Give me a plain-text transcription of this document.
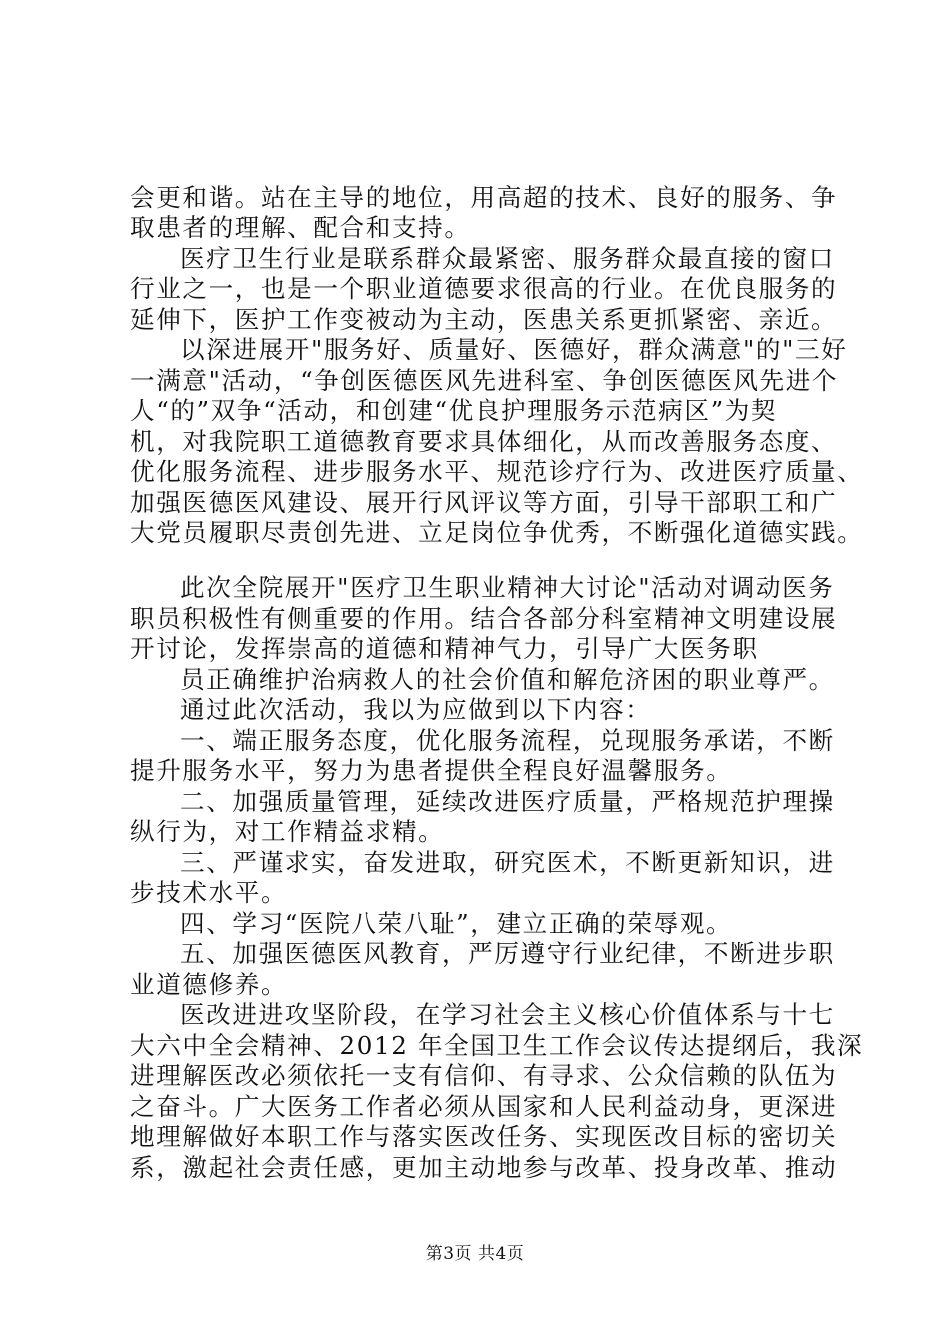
会更和谐。站在主导的地位，用高超的技术、良好的服务、争
取患者的理解、配合和支持。
医疗卫生行业是联系群众最紧密、服务群众最直接的窗口
行业之一，也是一个职业道德要求很高的行业。在优良服务的
延伸下，医护工作变被动为主动，医患关系更抓紧密、亲近。
以深进展开"服务好、质量好、医德好，群众满意"的"三好
一满意"活动，“争创医德医风先进科室、争创医德医风先进个
人“的”双争“活动，和创建“优良护理服务示范病区”为契
机，对我院职工道德教育要求具体细化，从而改善服务态度、
优化服务流程、进步服务水平、规范诊疗行为、改进医疗质量、
加强医德医风建设、展开行风评议等方面，引导干部职工和广
大党员履职尽责创先进、立足岗位争优秀，不断强化道德实践。
此次全院展开"医疗卫生职业精神大讨论"活动对调动医务
职员积极性有侧重要的作用。结合各部分科室精神文明建设展
开讨论，发挥崇高的道德和精神气力，引导广大医务职
员正确维护治病救人的社会价值和解危济困的职业尊严。
通过此次活动，我以为应做到以下内容：
一、端正服务态度，优化服务流程，兑现服务承诺，不断
提升服务水平，努力为患者提供全程良好温馨服务。
二、加强质量管理，延续改进医疗质量，严格规范护理操
纵行为，对工作精益求精。
三、严谨求实，奋发进取，研究医术，不断更新知识，进
步技术水平。
四、学习“医院八荣八耻”，建立正确的荣辱观。
五、加强医德医风教育，严厉遵守行业纪律，不断进步职
业道德修养。
医改进进攻坚阶段，在学习社会主义核心价值体系与十七
大六中全会精神、2012 年全国卫生工作会议传达提纲后，我深
进理解医改必须依托一支有信仰、有寻求、公众信赖的队伍为
之奋斗。广大医务工作者必须从国家和人民利益动身，更深进
地理解做好本职工作与落实医改任务、实现医改目标的密切关
系，激起社会责任感，更加主动地参与改革、投身改革、推动
第3页 共4页
